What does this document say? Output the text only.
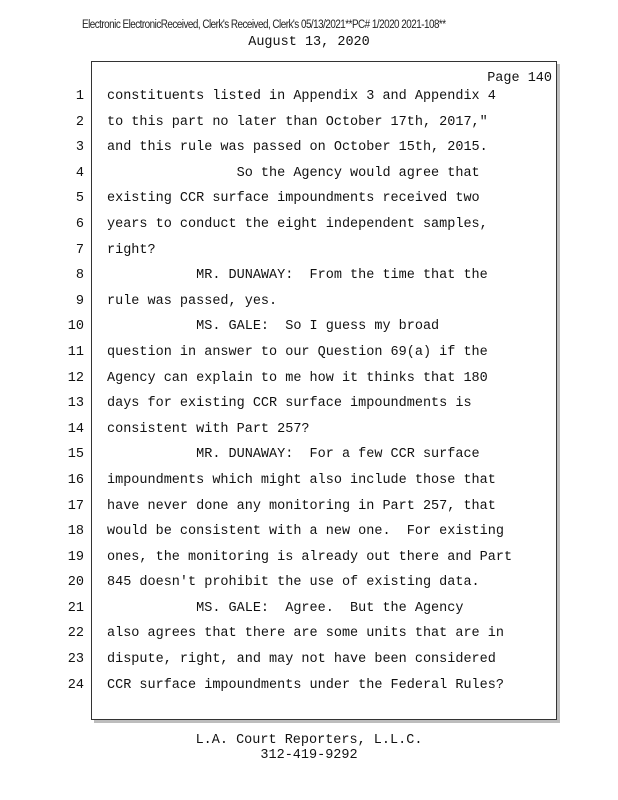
Electronic ElectronicReceived, Clerk's Received, Clerk's 05/13/2021**PC# 1/2020 2021-108**
August 13, 2020
Page 140
1 constituents listed in Appendix 3 and Appendix 4
2 to this part no later than October 17th, 2017,"
3 and this rule was passed on October 15th, 2015.
4 So the Agency would agree that
5 existing CCR surface impoundments received two
6 years to conduct the eight independent samples,
7 right?
8 MR. DUNAWAY:  From the time that the
9 rule was passed, yes.
10 MS. GALE:  So I guess my broad
11 question in answer to our Question 69(a) if the
12 Agency can explain to me how it thinks that 180
13 days for existing CCR surface impoundments is
14 consistent with Part 257?
15 MR. DUNAWAY:  For a few CCR surface
16 impoundments which might also include those that
17 have never done any monitoring in Part 257, that
18 would be consistent with a new one.  For existing
19 ones, the monitoring is already out there and Part
20 845 doesn't prohibit the use of existing data.
21 MS. GALE:  Agree.  But the Agency
22 also agrees that there are some units that are in
23 dispute, right, and may not have been considered
24 CCR surface impoundments under the Federal Rules?
L.A. Court Reporters, L.L.C.
312-419-9292
